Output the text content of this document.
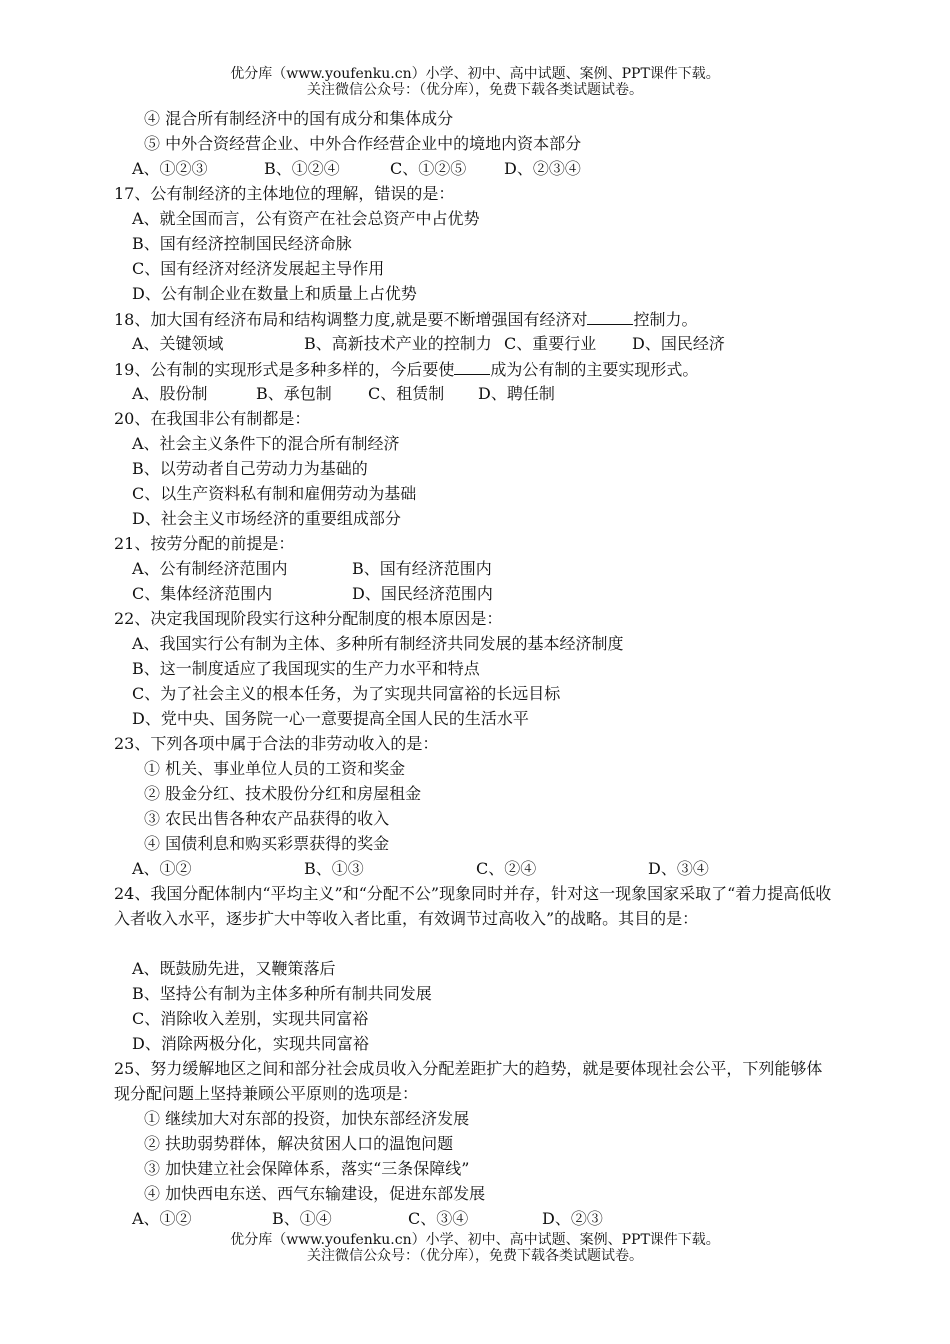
优分库（www.youfenku.cn）小学、初中、高中试题、案例、PPT课件下载。
关注微信公众号：（优分库），免费下载各类试题试卷。
④ 混合所有制经济中的国有成分和集体成分
⑤ 中外合资经营企业、中外合作经营企业中的境地内资本部分
A、①②③	B、①②④	C、①②⑤	D、②③④
17、公有制经济的主体地位的理解，错误的是：
A、就全国而言，公有资产在社会总资产中占优势
B、国有经济控制国民经济命脉
C、国有经济对经济发展起主导作用
D、公有制企业在数量上和质量上占优势
18、加大国有经济布局和结构调整力度,就是要不断增强国有经济对	控制力。
A、关键领域	B、高新技术产业的控制力 C、重要行业	D、国民经济
19、公有制的实现形式是多种多样的，今后要使 成为公有制的主要实现形式。
A、股份制	B、承包制	C、租赁制	D、聘任制
20、在我国非公有制都是：
A、社会主义条件下的混合所有制经济
B、以劳动者自己劳动力为基础的
C、以生产资料私有制和雇佣劳动为基础
D、社会主义市场经济的重要组成部分
21、按劳分配的前提是：
A、公有制经济范围内	B、国有经济范围内
C、集体经济范围内	D、国民经济范围内
22、决定我国现阶段实行这种分配制度的根本原因是：
A、我国实行公有制为主体、多种所有制经济共同发展的基本经济制度
B、这一制度适应了我国现实的生产力水平和特点
C、为了社会主义的根本任务，为了实现共同富裕的长远目标
D、党中央、国务院一心一意要提高全国人民的生活水平
23、下列各项中属于合法的非劳动收入的是：
① 机关、事业单位人员的工资和奖金
② 股金分红、技术股份分红和房屋租金
③ 农民出售各种农产品获得的收入
④ 国债利息和购买彩票获得的奖金
A、①②	B、①③	C、②④	D、③④
24、我国分配体制内“平均主义”和“分配不公”现象同时并存，针对这一现象国家采取了“着力提高低收入者收入水平，逐步扩大中等收入者比重，有效调节过高收入”的战略。其目的是：
A、既鼓励先进，又鞭策落后
B、坚持公有制为主体多种所有制共同发展
C、消除收入差别，实现共同富裕
D、消除两极分化，实现共同富裕
25、努力缓解地区之间和部分社会成员收入分配差距扩大的趋势，就是要体现社会公平，下列能够体现分配问题上坚持兼顾公平原则的选项是：
① 继续加大对东部的投资，加快东部经济发展
② 扶助弱势群体，解决贫困人口的温饱问题
③ 加快建立社会保障体系，落实“三条保障线”
④ 加快西电东送、西气东输建设，促进东部发展
A、①②	B、①④	C、③④	D、②③
优分库（www.youfenku.cn）小学、初中、高中试题、案例、PPT课件下载。
关注微信公众号：（优分库），免费下载各类试题试卷。
